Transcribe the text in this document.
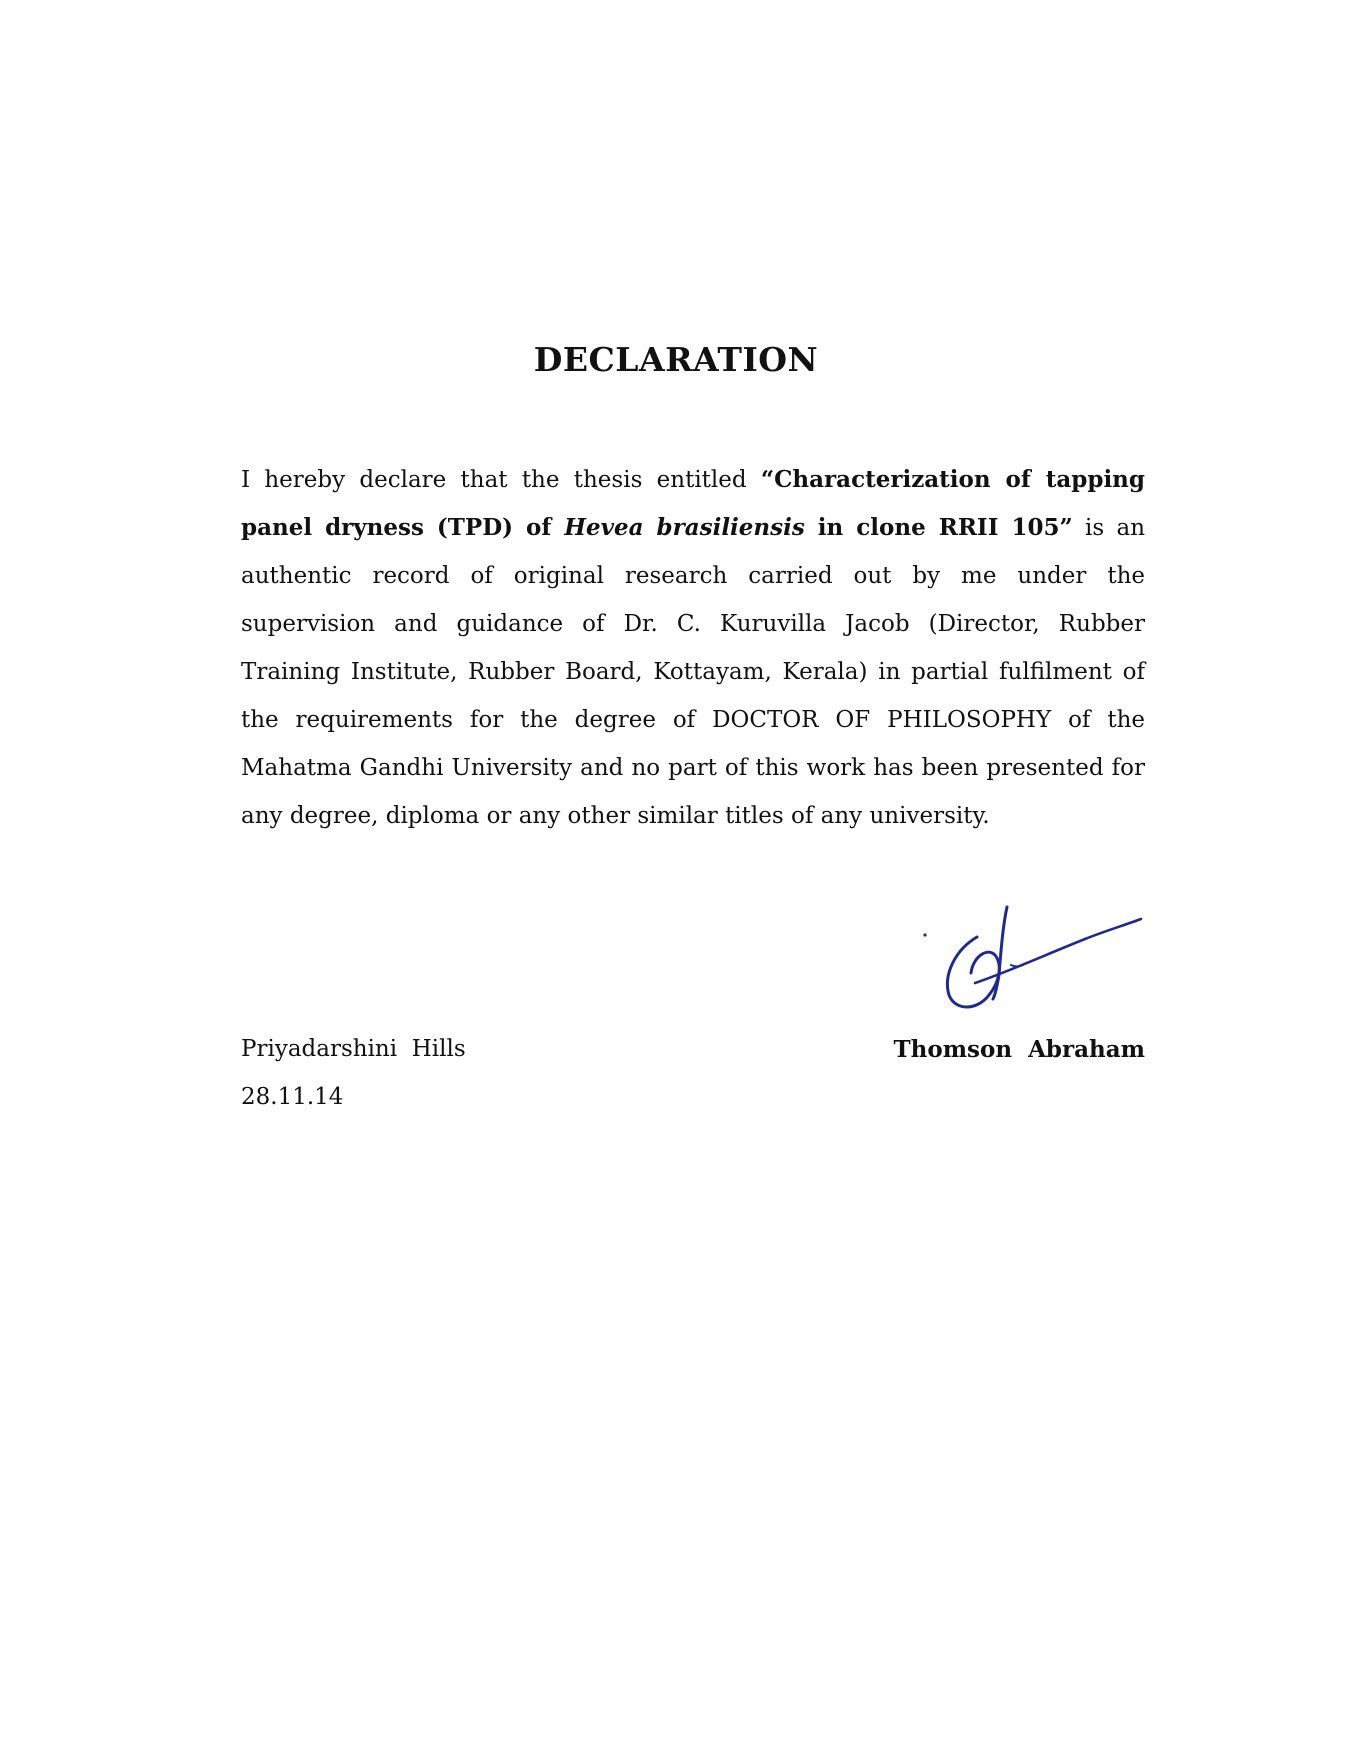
DECLARATION

I hereby declare that the thesis entitled “Characterization of tapping panel dryness (TPD) of Hevea brasiliensis in clone RRII 105” is an authentic record of original research carried out by me under the supervision and guidance of Dr. C. Kuruvilla Jacob (Director, Rubber Training Institute, Rubber Board, Kottayam, Kerala) in partial fulfilment of the requirements for the degree of DOCTOR OF PHILOSOPHY of the Mahatma Gandhi University and no part of this work has been presented for any degree, diploma or any other similar titles of any university.

Priyadarshini  Hills

28.11.14

Thomson  Abraham
